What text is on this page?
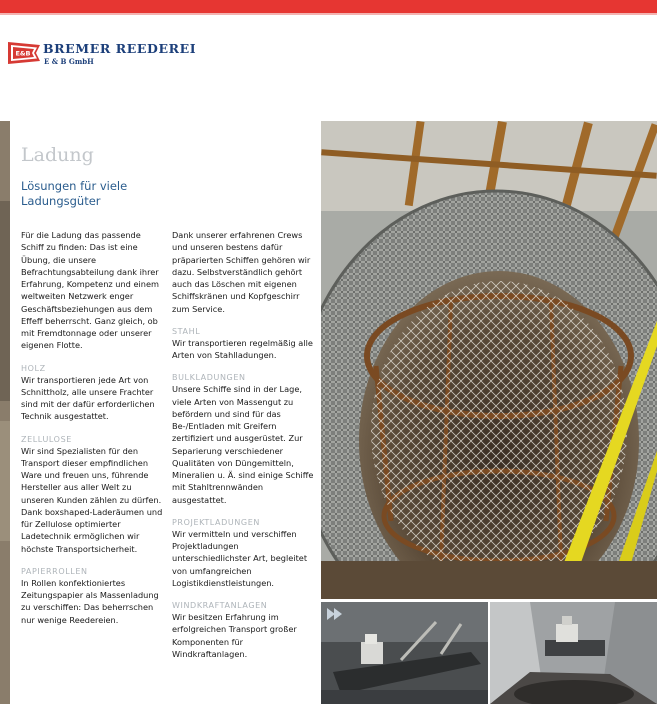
E&B BREMER REEDEREI
E & B GmbH
Ladung
Lösungen für viele Ladungsgüter

Für die Ladung das passende Schiff zu finden: Das ist eine Übung, die unsere Befrachtungsabteilung dank ihrer Erfahrung, Kompetenz und einem weltweiten Netzwerk enger Geschäftsbeziehungen aus dem Effeff beherrscht. Ganz gleich, ob mit Fremdtonnage oder unserer eigenen Flotte.

HOLZ

Wir transportieren jede Art von Schnittholz, alle unsere Frachter sind mit der dafür erforderlichen Technik ausgestattet.

ZELLULOSE

Wir sind Spezialisten für den Transport dieser empfindlichen Ware und freuen uns, führende Hersteller aus aller Welt zu unseren Kunden zählen zu dürfen. Dank boxshaped-Laderäumen und für Zellulose optimierter Ladetechnik ermöglichen wir höchste Transportsicherheit.

PAPIERROLLEN

In Rollen konfektioniertes Zeitungspapier als Massenladung zu verschiffen: Das beherrschen nur wenige Reedereien.

Dank unserer erfahrenen Crews und unseren bestens dafür präparierten Schiffen gehören wir dazu. Selbstverständlich gehört auch das Löschen mit eigenen Schiffskränen und Kopfgeschirr zum Service.

STAHL

Wir transportieren regelmäßig alle Arten von Stahlladungen.

BULKLADUNGEN

Unsere Schiffe sind in der Lage, viele Arten von Massengut zu befördern und sind für das Be-/Entladen mit Greifern zertifiziert und ausgerüstet. Zur Separierung verschiedener Qualitäten von Düngemitteln, Mineralien u. Ä. sind einige Schiffe mit Stahltrennwänden ausgestattet.

PROJEKTLADUNGEN

Wir vermitteln und verschiffen Projektladungen unterschiedlichster Art, begleitet von umfangreichen Logistikdienstleistungen.

WINDKRAFTANLAGEN

Wir besitzen Erfahrung im erfolgreichen Transport großer Komponenten für Windkraftanlagen.
